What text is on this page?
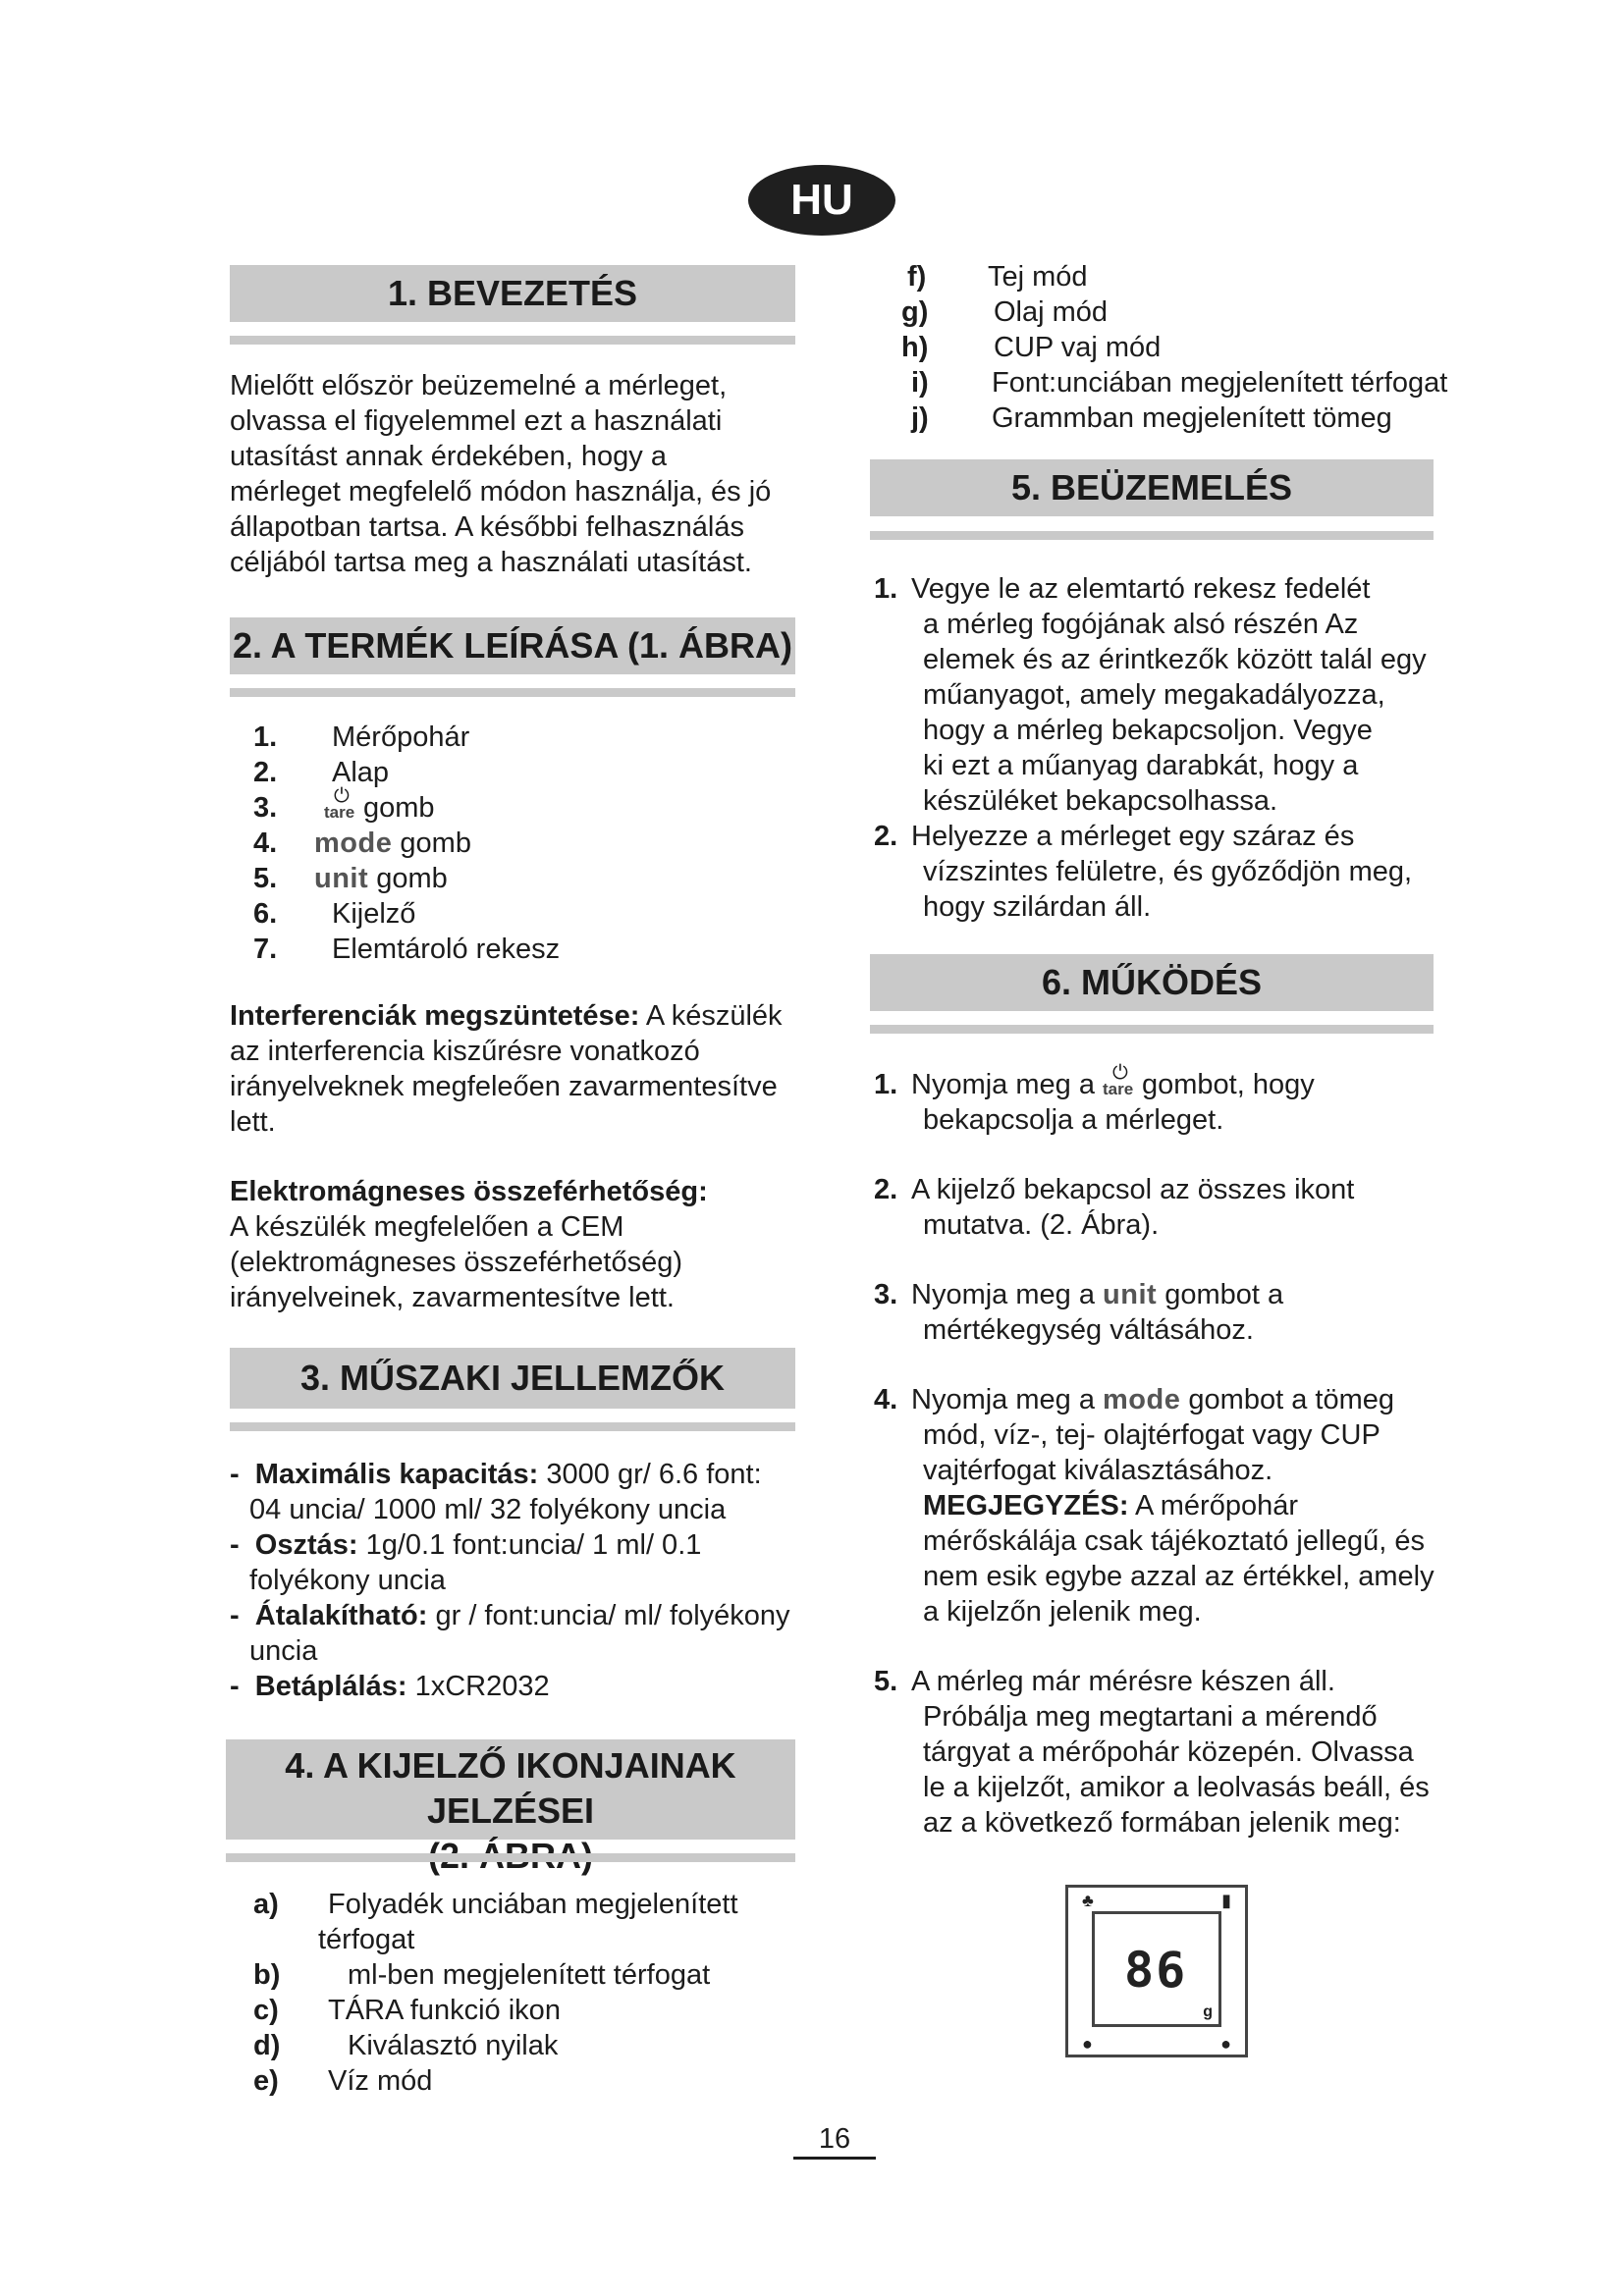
HU
1. BEVEZETÉS

Mielőtt először beüzemelné a mérleget,

olvassa el figyelemmel ezt a használati

utasítást annak érdekében, hogy a

mérleget megfelelő módon használja, és jó

állapotban tartsa. A későbbi felhasználás

céljából tartsa meg a használati utasítást.

2. A TERMÉK LEÍRÁSA (1. ÁBRA)
1.	Mérőpohár
2.	Alap
3.	⏻
tare gomb
4.	mode gomb
5.	unit gomb
6.	Kijelző
7.	Elemtároló rekesz

Interferenciák megszüntetése: A készülék

az interferencia kiszűrésre vonatkozó

irányelveknek megfeleően zavarmentesítve

lett.

Elektromágneses összeférhetőség:

A készülék megfelelően a CEM

(elektromágneses összeférhetőség)

irányelveinek, zavarmentesítve lett.

3. MŰSZAKI JELLEMZŐK
-  Maximális kapacitás: 3000 gr/ 6.6 font:
04 uncia/ 1000 ml/ 32 folyékony uncia
-  Osztás: 1g/0.1 font:uncia/ 1 ml/ 0.1
folyékony uncia
-  Átalakítható: gr / font:uncia/ ml/ folyékony
uncia
-  Betáplálás: 1xCR2032
4. A KIJELZŐ IKONJAINAK JELZÉSEI
a)	Folyadék unciában megjelenített
térfogat
b)	ml-ben megjelenített térfogat
c)	TÁRA funkció ikon
d)	Kiválasztó nyilak
e)	Víz mód
f)	Tej mód
g)	Olaj mód
h)	CUP vaj mód
i)	Font:unciában megjelenített térfogat
j)	Grammban megjelenített tömeg
5. BEÜZEMELÉS
1. Vegye le az elemtartó rekesz fedelét
a mérleg fogójának alsó részén Az
elemek és az érintkezők között talál egy
műanyagot, amely megakadályozza,
hogy a mérleg bekapcsoljon. Vegye
ki ezt a műanyag darabkát, hogy a
készüléket bekapcsolhassa.
2. Helyezze a mérleget egy száraz és
vízszintes felületre, és győződjön meg,
hogy szilárdan áll.
6. MŰKÖDÉS
1. Nyomja meg a ⏻
tare gombot, hogy
bekapcsolja a mérleget.
2. A kijelző bekapcsol az összes ikont
mutatva. (2. Ábra).
3. Nyomja meg a unit gombot a
mértékegység váltásához.
4. Nyomja meg a mode gombot a tömeg
mód, víz-, tej- olajtérfogat vagy CUP
vajtérfogat kiválasztásához.
MEGJEGYZÉS: A mérőpohár
mérőskálája csak tájékoztató jellegű, és
nem esik egybe azzal az értékkel, amely
a kijelzőn jelenik meg.
5. A mérleg már mérésre készen áll.
Próbálja meg megtartani a mérendő
tárgyat a mérőpohár közepén. Olvassa
le a kijelzőt, amikor a leolvasás beáll, és
az a következő formában jelenik meg:
♣	▮
86
g
●	●
16
